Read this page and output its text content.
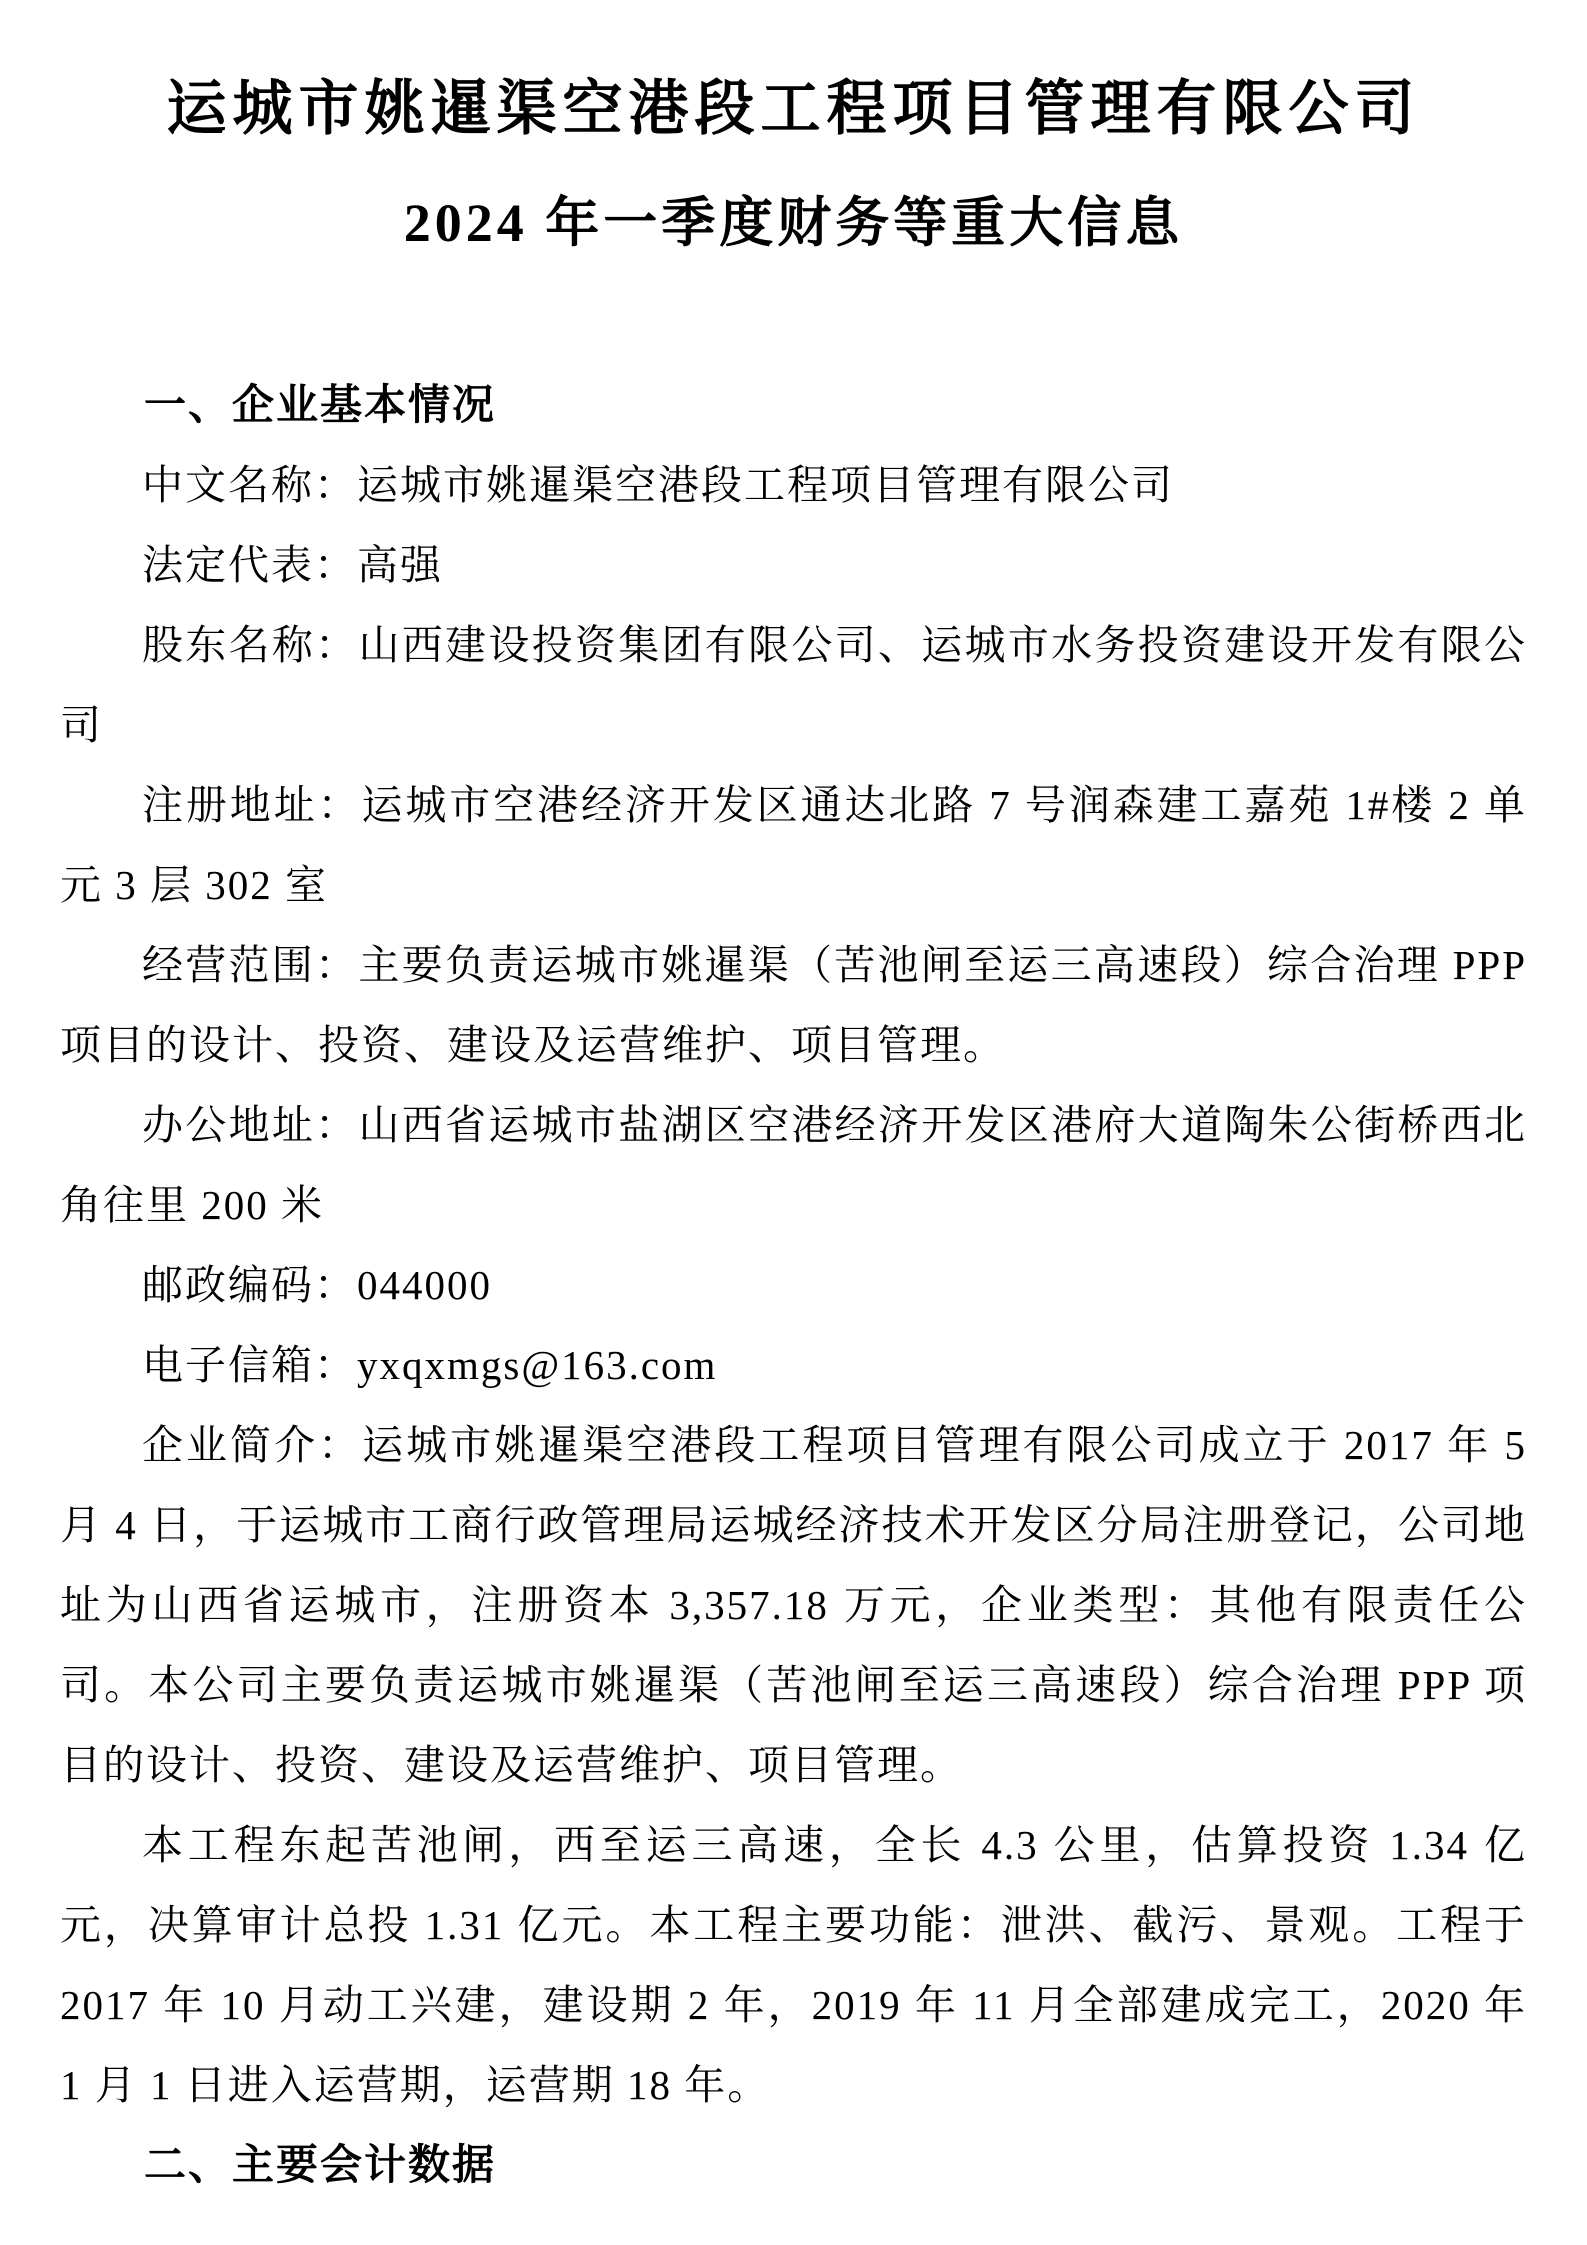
运城市姚暹渠空港段工程项目管理有限公司
2024 年一季度财务等重大信息
一、企业基本情况

中文名称：运城市姚暹渠空港段工程项目管理有限公司

法定代表：高强

股东名称：山西建设投资集团有限公司、运城市水务投资建设开发有限公司

注册地址：运城市空港经济开发区通达北路 7 号润森建工嘉苑 1#楼 2 单元 3 层 302 室

经营范围：主要负责运城市姚暹渠（苦池闸至运三高速段）综合治理 PPP 项目的设计、投资、建设及运营维护、项目管理。

办公地址：山西省运城市盐湖区空港经济开发区港府大道陶朱公街桥西北角往里 200 米

邮政编码：044000

电子信箱：yxqxmgs@163.com

企业简介：运城市姚暹渠空港段工程项目管理有限公司成立于 2017 年 5 月 4 日，于运城市工商行政管理局运城经济技术开发区分局注册登记，公司地址为山西省运城市，注册资本 3,357.18 万元，企业类型：其他有限责任公司。本公司主要负责运城市姚暹渠（苦池闸至运三高速段）综合治理 PPP 项目的设计、投资、建设及运营维护、项目管理。

本工程东起苦池闸，西至运三高速，全长 4.3 公里，估算投资 1.34 亿元，决算审计总投 1.31 亿元。本工程主要功能：泄洪、截污、景观。工程于 2017 年 10 月动工兴建，建设期 2 年，2019 年 11 月全部建成完工，2020 年 1 月 1 日进入运营期，运营期 18 年。

二、主要会计数据
